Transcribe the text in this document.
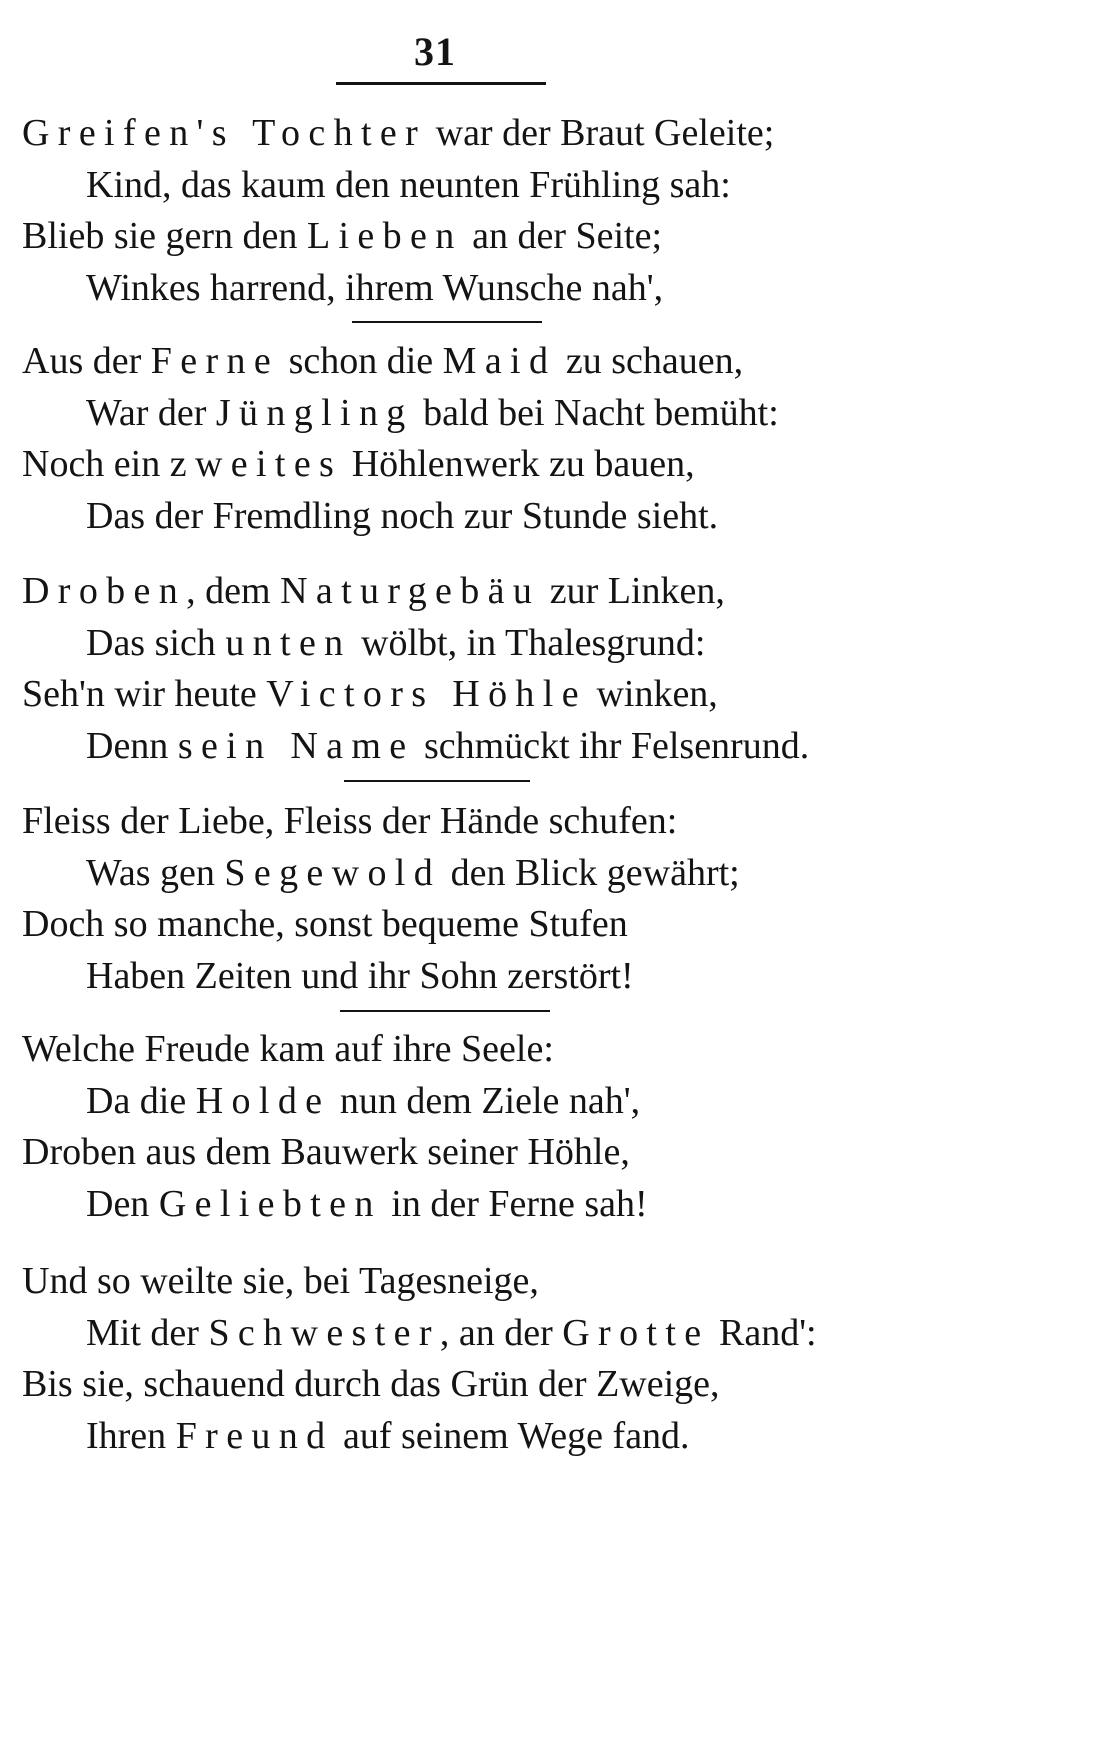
31
Greifen's Tochter war der Braut Geleite;
Kind, das kaum den neunten Frühling sah:
Blieb sie gern den Lieben an der Seite;
Winkes harrend, ihrem Wunsche nah',
Aus der Ferne schon die Maid zu schauen,
War der Jüngling bald bei Nacht bemüht:
Noch ein zweites Höhlenwerk zu bauen,
Das der Fremdling noch zur Stunde sieht.
Droben, dem Naturgebäu zur Linken,
Das sich unten wölbt, in Thalesgrund:
Seh'n wir heute Victors Höhle winken,
Denn sein Name schmückt ihr Felsenrund.
Fleiss der Liebe, Fleiss der Hände schufen:
Was gen Segewold den Blick gewährt;
Doch so manche, sonst bequeme Stufen
Haben Zeiten und ihr Sohn zerstört!
Welche Freude kam auf ihre Seele:
Da die Holde nun dem Ziele nah',
Droben aus dem Bauwerk seiner Höhle,
Den Geliebten in der Ferne sah!
Und so weilte sie, bei Tagesneige,
Mit der Schwester, an der Grotte Rand':
Bis sie, schauend durch das Grün der Zweige,
Ihren Freund auf seinem Wege fand.
